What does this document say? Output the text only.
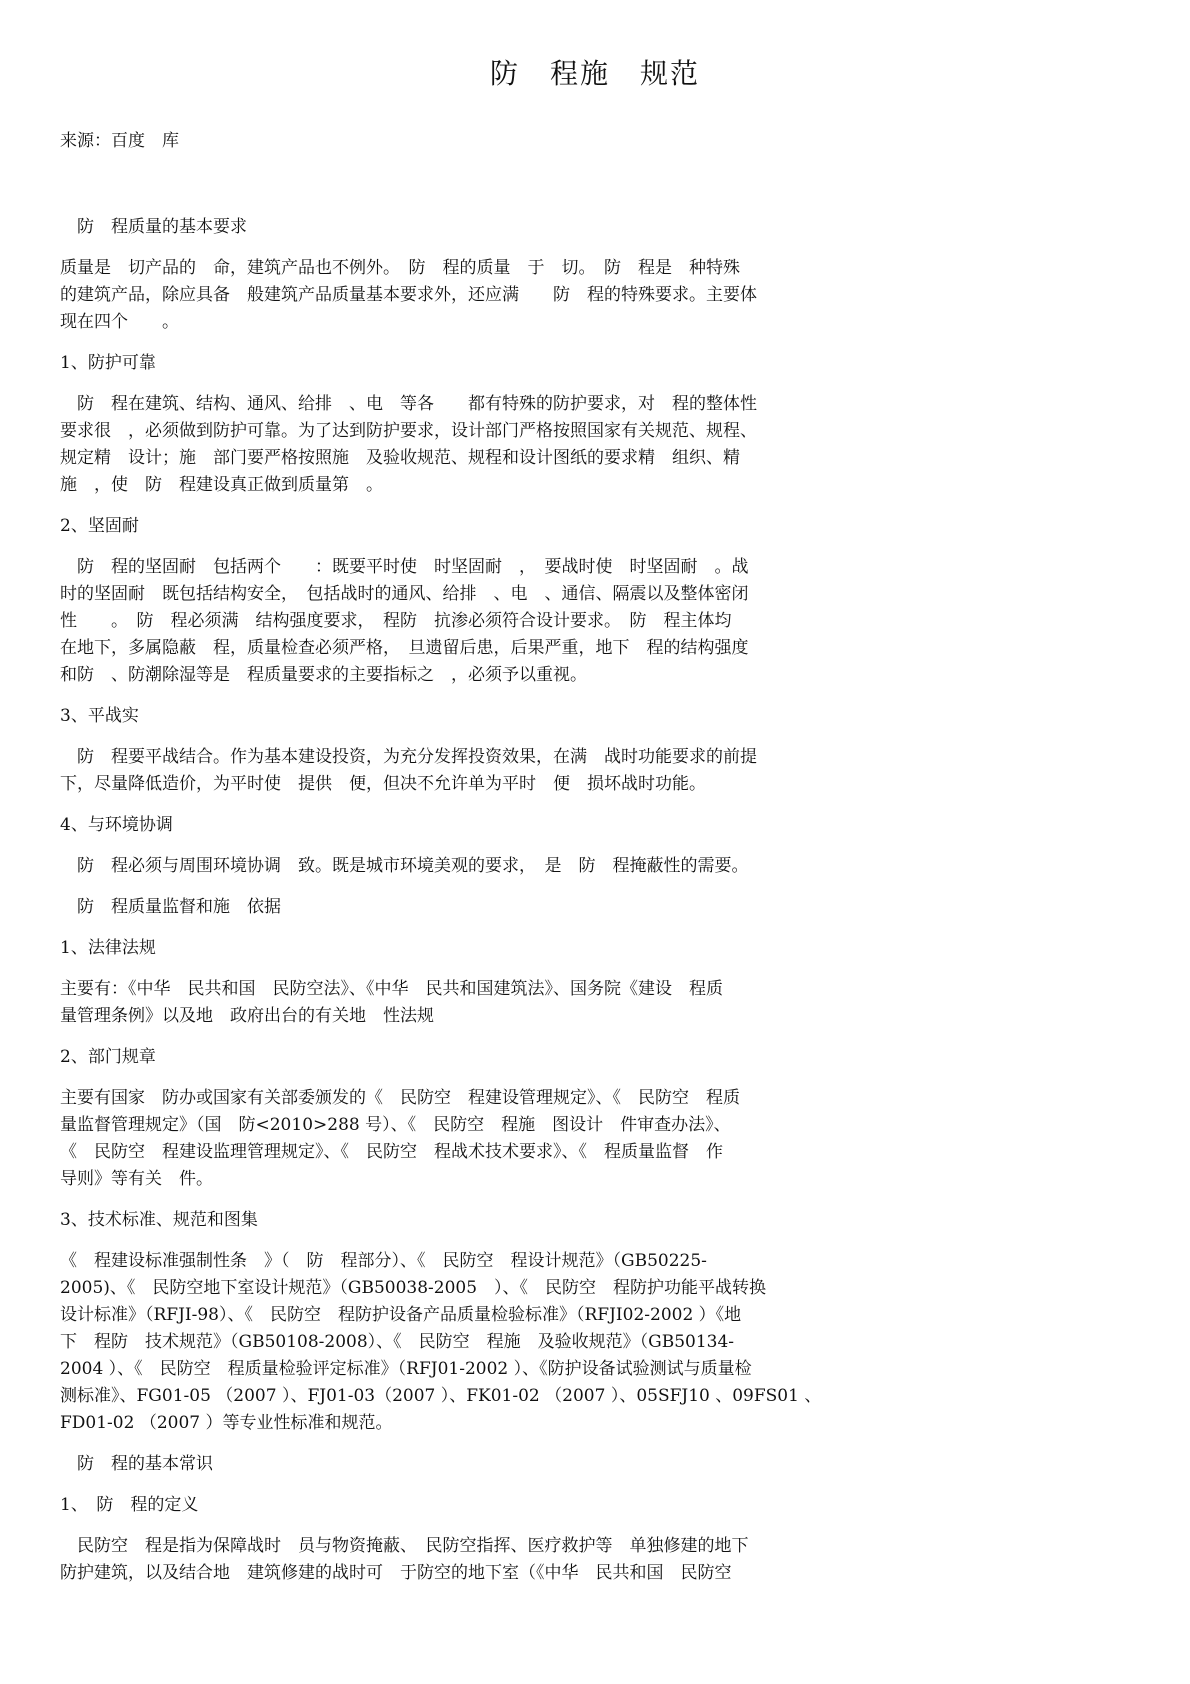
防　程施　规范
来源：百度　库

　防　程质量的基本要求

质量是　切产品的　命，建筑产品也不例外。　防　程的质量　于　切。　防　程是　种特殊
的建筑产品，除应具备　般建筑产品质量基本要求外，还应满　　防　程的特殊要求。主要体
现在四个　　。

1、防护可靠

　防　程在建筑、结构、通风、给排　、电　等各　　都有特殊的防护要求，对　程的整体性
要求很　，必须做到防护可靠。为了达到防护要求，设计部门严格按照国家有关规范、规程、
规定精　设计；施　部门要严格按照施　及验收规范、规程和设计图纸的要求精　组织、精
施　，使　防　程建设真正做到质量第　。

2、坚固耐

　防　程的坚固耐　包括两个　　：既要平时使　时坚固耐　，　要战时使　时坚固耐　。战
时的坚固耐　既包括结构安全，　包括战时的通风、给排　、电　、通信、隔震以及整体密闭
性　　。　防　程必须满　结构强度要求，　程防　抗渗必须符合设计要求。　防　程主体均
在地下，多属隐蔽　程，质量检查必须严格，　旦遗留后患，后果严重，地下　程的结构强度
和防　、防潮除湿等是　程质量要求的主要指标之　，必须予以重视。

3、平战实

　防　程要平战结合。作为基本建设投资，为充分发挥投资效果，在满　战时功能要求的前提
下，尽量降低造价，为平时使　提供　便，但决不允许单为平时　便　损坏战时功能。

4、与环境协调

　防　程必须与周围环境协调　致。既是城市环境美观的要求，　是　防　程掩蔽性的需要。

　防　程质量监督和施　依据

1、法律法规

主要有：《中华　民共和国　民防空法》、《中华　民共和国建筑法》、国务院《建设　程质
量管理条例》以及地　政府出台的有关地　性法规

2、部门规章

主要有国家　防办或国家有关部委颁发的《　民防空　程建设管理规定》、《　民防空　程质
量监督管理规定》（国　防<2010>288 号）、《　民防空　程施　图设计　件审查办法》、
《　民防空　程建设监理管理规定》、《　民防空　程战术技术要求》、《　程质量监督　作
导则》等有关　件。

3、技术标准、规范和图集

《　程建设标准强制性条　》（　防　程部分）、《　民防空　程设计规范》（GB50225-
2005)、《　民防空地下室设计规范》（GB50038-2005　）、《　民防空　程防护功能平战转换
设计标准》（RFJI-98）、《　民防空　程防护设备产品质量检验标准》（RFJI02-2002 ）《地
下　程防　技术规范》（GB50108-2008）、《　民防空　程施　及验收规范》（GB50134-
2004 ）、《　民防空　程质量检验评定标准》（RFJ01-2002 ）、《防护设备试验测试与质量检
测标准》、FG01-05 （2007 ）、FJ01-03（2007 ）、FK01-02 （2007 ）、05SFJ10 、09FS01 、
FD01-02 （2007 ）等专业性标准和规范。

　防　程的基本常识

1、　防　程的定义

　民防空　程是指为保障战时　员与物资掩蔽、　民防空指挥、医疗救护等　单独修建的地下
防护建筑，以及结合地　建筑修建的战时可　于防空的地下室（《中华　民共和国　民防空
